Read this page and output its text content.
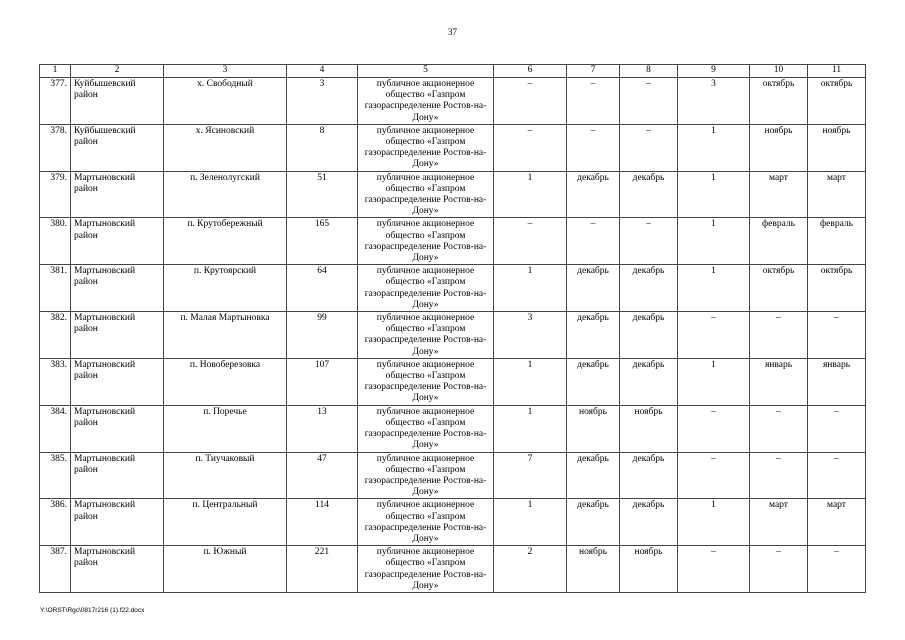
37
1	2	3	4	5	6	7	8	9	10	11
377.	Куйбышевский район	х. Свободный	3	публичное акционерное общество «Газпром газораспределение Ростов-на-Дону»	–	–	–	3	октябрь	октябрь
378.	Куйбышевский район	х. Ясиновский	8	публичное акционерное общество «Газпром газораспределение Ростов-на-Дону»	–	–	–	1	ноябрь	ноябрь
379.	Мартыновский район	п. Зеленолугский	51	публичное акционерное общество «Газпром газораспределение Ростов-на-Дону»	1	декабрь	декабрь	1	март	март
380.	Мартыновский район	п. Крутобережный	165	публичное акционерное общество «Газпром газораспределение Ростов-на-Дону»	–	–	–	1	февраль	февраль
381.	Мартыновский район	п. Крутоярский	64	публичное акционерное общество «Газпром газораспределение Ростов-на-Дону»	1	декабрь	декабрь	1	октябрь	октябрь
382.	Мартыновский район	п. Малая Мартыновка	99	публичное акционерное общество «Газпром газораспределение Ростов-на-Дону»	3	декабрь	декабрь	–	–	–
383.	Мартыновский район	п. Новоберезовка	107	публичное акционерное общество «Газпром газораспределение Ростов-на-Дону»	1	декабрь	декабрь	1	январь	январь
384.	Мартыновский район	п. Поречье	13	публичное акционерное общество «Газпром газораспределение Ростов-на-Дону»	1	ноябрь	ноябрь	–	–	–
385.	Мартыновский район	п. Тиучаковый	47	публичное акционерное общество «Газпром газораспределение Ростов-на-Дону»	7	декабрь	декабрь	–	–	–
386.	Мартыновский район	п. Центральный	114	публичное акционерное общество «Газпром газораспределение Ростов-на-Дону»	1	декабрь	декабрь	1	март	март
387.	Мартыновский район	п. Южный	221	публичное акционерное общество «Газпром газораспределение Ростов-на-Дону»	2	ноябрь	ноябрь	–	–	–
Y:\ORST\Rgc\0817r216 (1).f22.docx
